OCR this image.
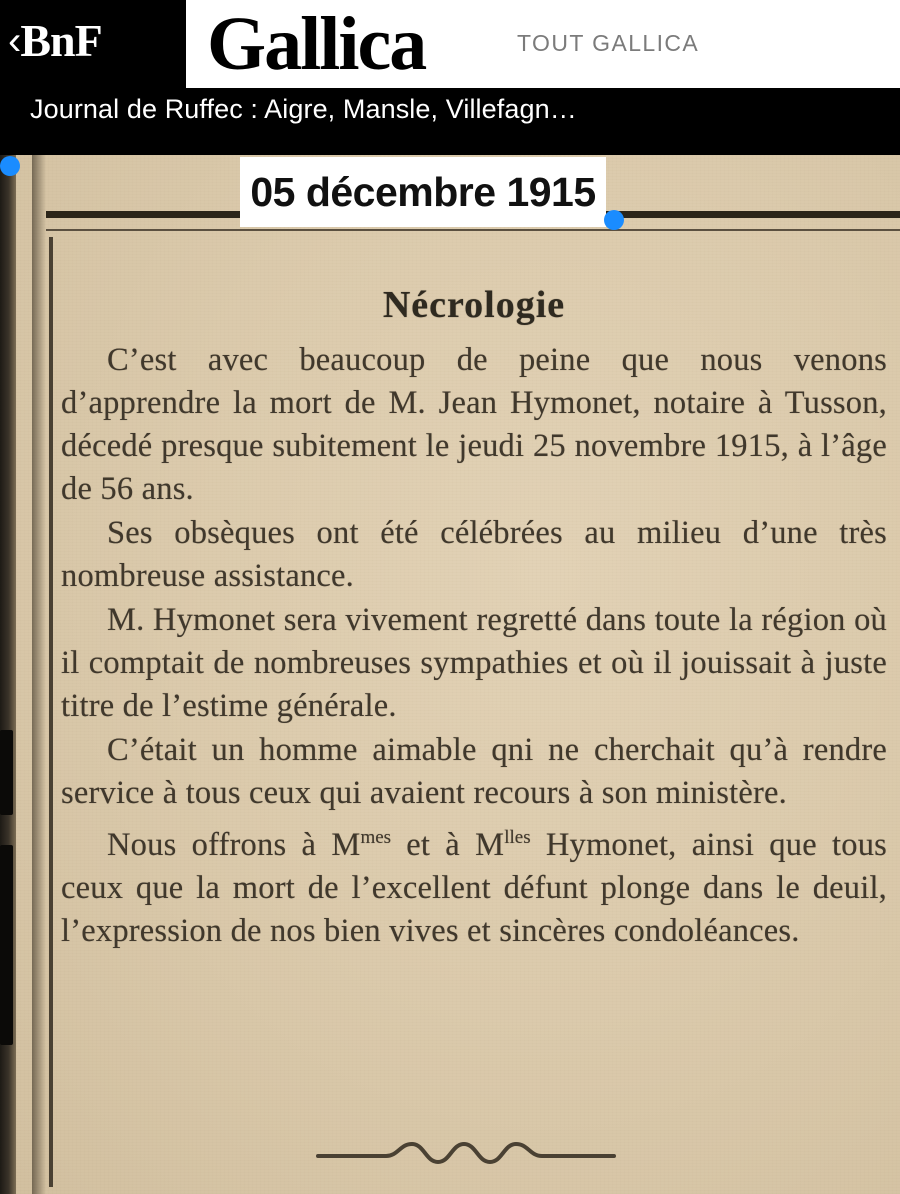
‹BnF	Gallica	TOUT GALLICA
Journal de Ruffec : Aigre, Mansle, Villefagn…
Nécrologie

C’est avec beaucoup de peine que nous venons d’apprendre la mort de M. Jean Hymonet, notaire à Tusson, décedé presque subitement le jeudi 25 novembre 1915, à l’âge de 56 ans.

Ses obsèques ont été célébrées au milieu d’une très nombreuse assistance.

M. Hymonet sera vivement regretté dans toute la région où il comptait de nombreuses sympathies et où il jouissait à juste titre de l’estime générale.

C’était un homme aimable qni ne cherchait qu’à rendre service à tous ceux qui avaient recours à son ministère.

Nous offrons à $M^{mes}$ et à $M^{lles}$ Hymonet, ainsi que tous ceux que la mort de l’excellent défunt plonge dans le deuil, l’expression de nos bien vives et sincères condoléances.

05 décembre 1915
